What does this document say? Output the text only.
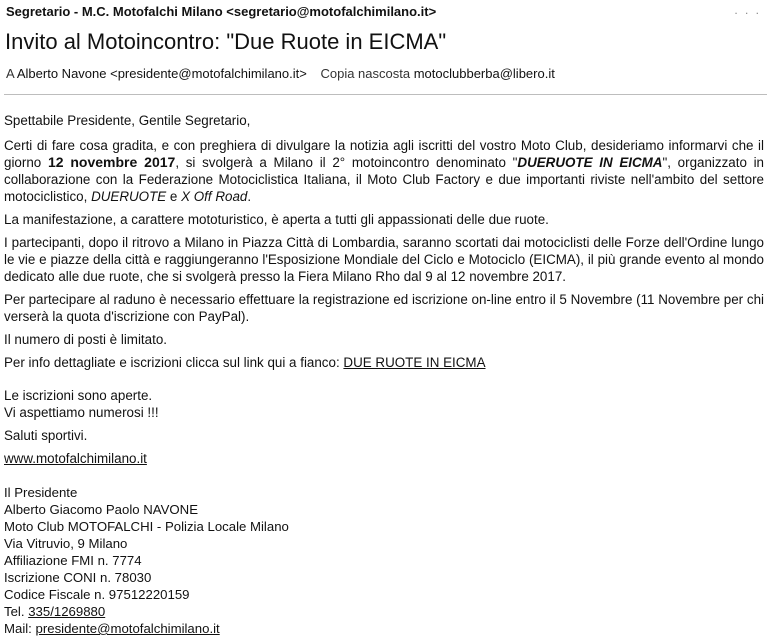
Segretario - M.C. Motofalchi Milano <segretario@motofalchimilano.it>	. . .
Invito al Motoincontro: "Due Ruote in EICMA"
A Alberto Navone <presidente@motofalchimilano.it> Copia nascosta motoclubberba@libero.it

Spettabile Presidente, Gentile Segretario,

Certi di fare cosa gradita, e con preghiera di divulgare la notizia agli iscritti del vostro Moto Club, desideriamo informarvi che il giorno 12 novembre 2017, si svolgerà a Milano il 2° motoincontro denominato "DUERUOTE IN EICMA", organizzato in collaborazione con la Federazione Motociclistica Italiana, il Moto Club Factory e due importanti riviste nell'ambito del settore motociclistico, DUERUOTE e X Off Road.

La manifestazione, a carattere mototuristico, è aperta a tutti gli appassionati delle due ruote.

I partecipanti, dopo il ritrovo a Milano in Piazza Città di Lombardia, saranno scortati dai motociclisti delle Forze dell'Ordine lungo le vie e piazze della città e raggiungeranno l'Esposizione Mondiale del Ciclo e Motociclo (EICMA), il più grande evento al mondo dedicato alle due ruote, che si svolgerà presso la Fiera Milano Rho dal 9 al 12 novembre 2017.

Per partecipare al raduno è necessario effettuare la registrazione ed iscrizione on-line entro il 5 Novembre (11 Novembre per chi verserà la quota d'iscrizione con PayPal).

Il numero di posti è limitato.

Per info dettagliate e iscrizioni clicca sul link qui a fianco: DUE RUOTE IN EICMA

Le iscrizioni sono aperte.

Vi aspettiamo numerosi !!!

Saluti sportivi.

www.motofalchimilano.it

Il Presidente

Alberto Giacomo Paolo NAVONE

Moto Club MOTOFALCHI - Polizia Locale Milano

Via Vitruvio, 9 Milano

Affiliazione FMI n. 7774

Iscrizione CONI n. 78030

Codice Fiscale n. 97512220159

Tel. 335/1269880

Mail: presidente@motofalchimilano.it
